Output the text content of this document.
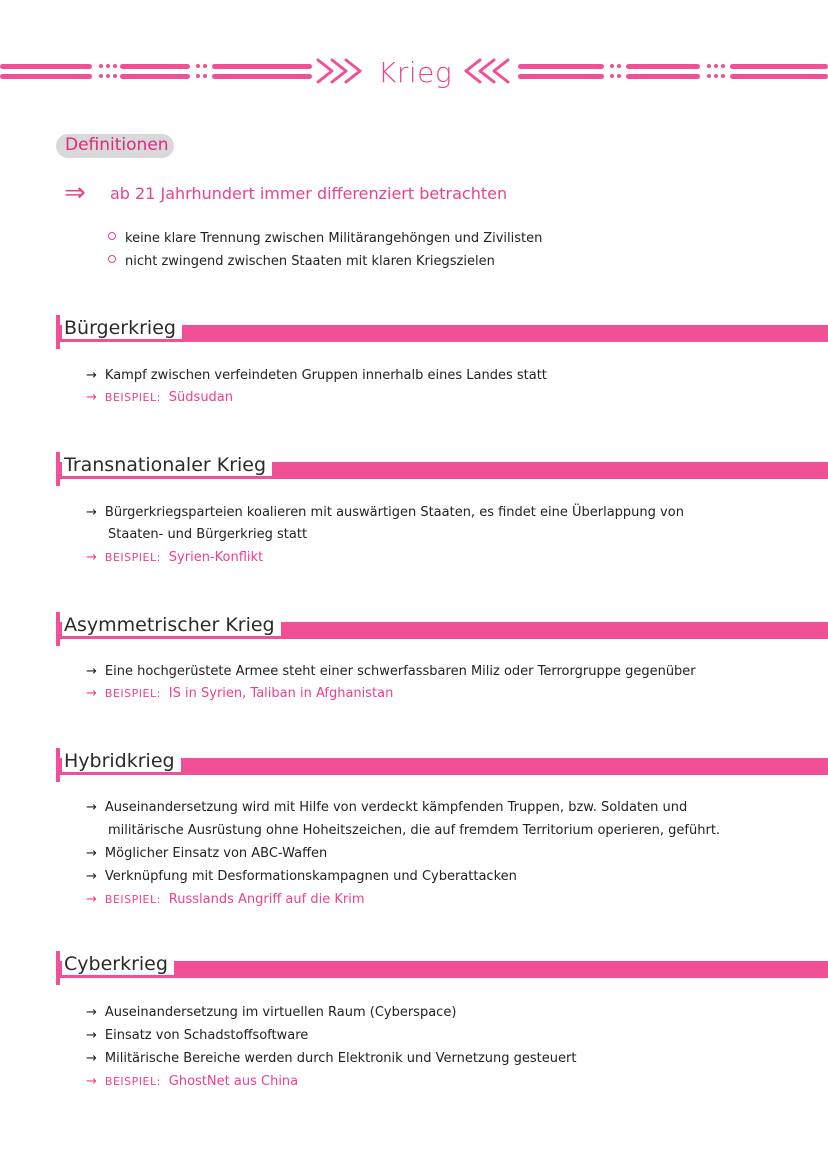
Krieg
Definitionen
⇒ ab 21 Jahrhundert immer differenziert betrachten
keine klare Trennung zwischen Militärangehöngen und Zivilisten
nicht zwingend zwischen Staaten mit klaren Kriegszielen
Bürgerkrieg
→ Kampf zwischen verfeindeten Gruppen innerhalb eines Landes statt
→ BEISPIEL: Südsudan
Transnationaler Krieg
→ Bürgerkriegsparteien koalieren mit auswärtigen Staaten, es findet eine Überlappung von
Staaten- und Bürgerkrieg statt
→ BEISPIEL: Syrien-Konflikt
Asymmetrischer Krieg
→ Eine hochgerüstete Armee steht einer schwerfassbaren Miliz oder Terrorgruppe gegenüber
→ BEISPIEL: IS in Syrien, Taliban in Afghanistan
Hybridkrieg
→ Auseinandersetzung wird mit Hilfe von verdeckt kämpfenden Truppen, bzw. Soldaten und
militärische Ausrüstung ohne Hoheitszeichen, die auf fremdem Territorium operieren, geführt.
→ Möglicher Einsatz von ABC-Waffen
→ Verknüpfung mit Desformationskampagnen und Cyberattacken
→ BEISPIEL: Russlands Angriff auf die Krim
Cyberkrieg
→ Auseinandersetzung im virtuellen Raum (Cyberspace)
→ Einsatz von Schadstoffsoftware
→ Militärische Bereiche werden durch Elektronik und Vernetzung gesteuert
→ BEISPIEL: GhostNet aus China
